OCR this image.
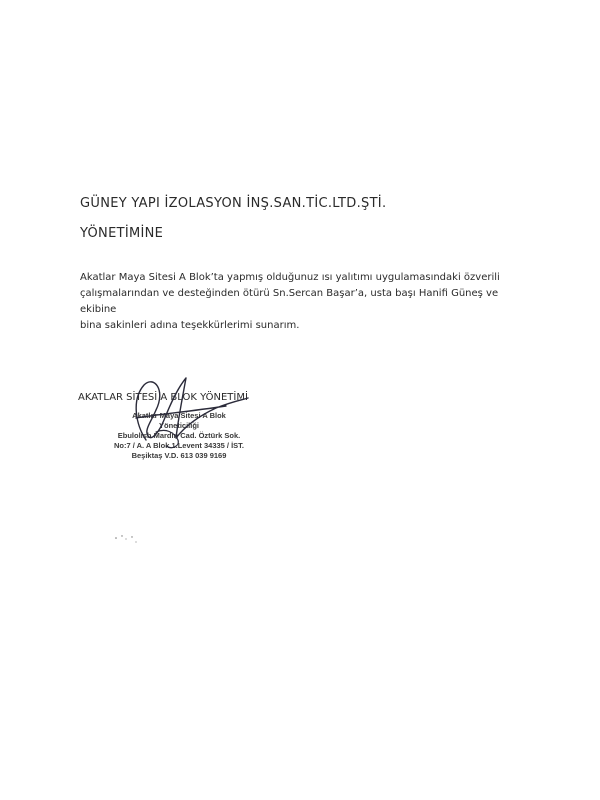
GÜNEY YAPI İZOLASYON İNŞ.SAN.TİC.LTD.ŞTİ.
YÖNETİMİNE
Akatlar Maya Sitesi A Blok’ta yapmış olduğunuz ısı yalıtımı uygulamasındaki özverili
çalışmalarından ve desteğinden ötürü Sn.Sercan Başar’a, usta başı Hanifi Güneş ve ekibine
bina sakinleri adına teşekkürlerimi sunarım.
AKATLAR SİTESİ A BLOK YÖNETİMİ
Akatlar Maya Sitesi A Blok
Yöneticiliği
Ebulolish Mardin Cad. Öztürk Sok.
No:7 / A. A Blok 1.Levent 34335 / İST.
Beşiktaş V.D. 613 039 9169
